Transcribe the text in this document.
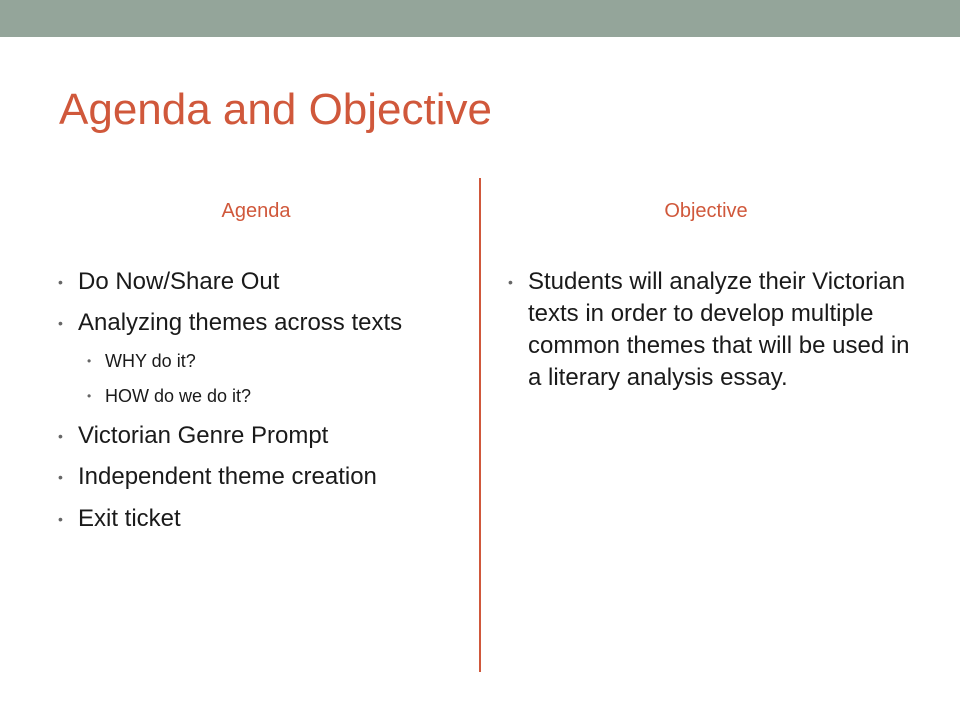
Agenda and Objective
Agenda	Objective
• Do Now/Share Out
• Analyzing themes across texts
• WHY do it?
• HOW do we do it?
• Victorian Genre Prompt
• Independent theme creation
• Exit ticket
• Students will analyze their Victorian texts in order to develop multiple common themes that will be used in a literary analysis essay.
